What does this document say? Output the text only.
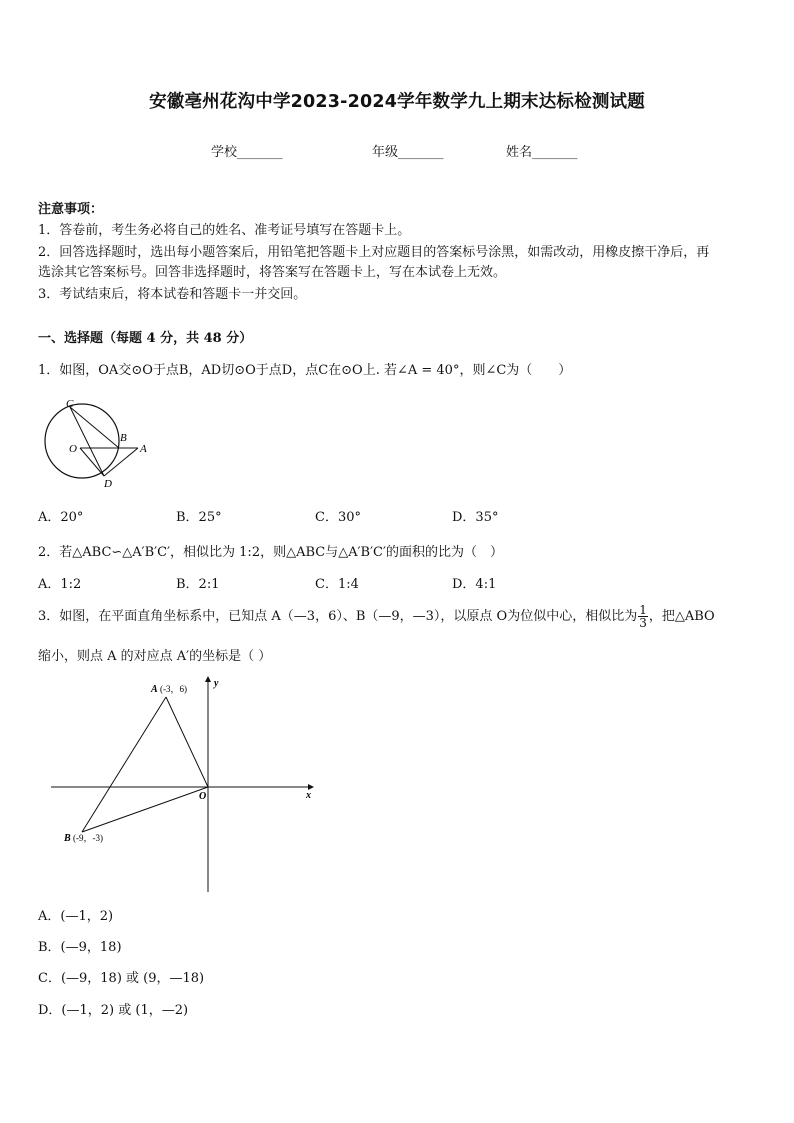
安徽亳州花沟中学2023-2024学年数学九上期末达标检测试题
学校_______	年级_______	姓名_______
注意事项：
1．答卷前，考生务必将自己的姓名、准考证号填写在答题卡上。
2．回答选择题时，选出每小题答案后，用铅笔把答题卡上对应题目的答案标号涂黑，如需改动，用橡皮擦干净后，再
选涂其它答案标号。回答非选择题时，将答案写在答题卡上，写在本试卷上无效。
3．考试结束后，将本试卷和答题卡一并交回。
一、选择题（每题 4 分，共 48 分）
1．如图，OA交⊙O于点B，AD切⊙O于点D，点C在⊙O上. 若∠A = 40°，则∠C为（　　）
C
O
B
A
D
A．20°	B．25°	C．30°	D．35°
2．若△ABC∽△A′B′C′，相似比为 1:2，则△ABC与△A′B′C′的面积的比为（　）
A．1:2	B．2:1	C．1:4	D．4:1
3．如图，在平面直角坐标系中，已知点 A（—3，6）、B（—9，—3），以原点 O为位似中心，相似比为 $\frac{1}{3}$ ，把△ABO
缩小，则点 A 的对应点 A′的坐标是（ ）
A (-3，6)
B (-9，-3)
O	x
y
A．(—1，2)
B．(—9，18)
C．(—9，18) 或 (9，—18)
D．(—1，2) 或 (1，—2)
